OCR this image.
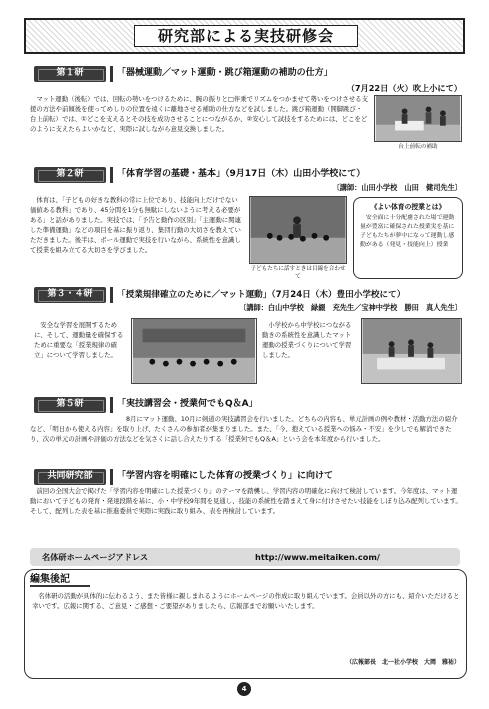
研究部による実技研修会
第１研	「器械運動／マット運動・跳び箱運動の補助の仕方」
（7月22日（火）吹上小にて）
マット運動（後転）では、回転の勢いをつけるために、腕の振りと□伴乗でリズムをつかませて勢いをつけさせる支援の方法や前傾後を使ってめしりの位置を遠くに離地させる補助の仕方などを試しました。跳び箱運動（開脚跳び・台上前転）では、①どこを支えるとその技を成功させることにつながるか、②安心して試技をするためには、どこをどのように支えたらよいかなど、実際に試しながら意見交換しました。
台上前転の補助
第２研	「体育学習の基礎・基本」（9月17日（木）山田小学校にて）
〔講師：山田小学校　山田　健司先生〕
体育は、「子どもの好きな教科の常に上位であり、技能向上だけでない価値ある教科」であり、45分間を1分も無駄にしないように考える必要がある」と話がありました。実技では、「予告と動作の区別」「主運動に関連した準備運動」などの項目を基に振り返り、集団行動の大切さを教えていただきました。後半は、ボール運動で実技を行いながら、系統性を意識して授業を組み立てる大切さを学びました。
子どもたちに話すときは目線を合わせて
《よい体育の授業とは》
安全面に十分配慮された場で運動量が豊富に確保された授業実を基に子どもたちが夢中になって運動し感動がある（発見・技能向上）授業
第３・４研	「授業規律確立のために／マット運動」（7月24日（木）豊田小学校にて）
〔講師：白山中学校　緑綴　充先生／宝神中学校　勝田　真人先生〕
安全な学習を展開するために、そして、運動量を確保するために重要な「授業規律の確立」について学習しました。
小学校から中学校につながる動きの系統性を意識したマット運動の授業づくりについて学習しました。
第５研	「実技講習会・授業何でもQ＆A」
8月にマット運動、10月に剣道の実技講習会を行いました。どちらの内容も、単元計画の例や教材・活動方法の紹介など、「明日から使える内容」を取り上げ、たくさんの参加者が集まりました。また、「今、抱えている授業への悩み・不安」を少しでも解消できたり、次の単元の計画や評価の方法などを気さくに話し合えたりする「授業何でもQ＆A」という会を本年度から行いました。
共同研究部	「学習内容を明確にした体育の授業づくり」に向けて
前回の全国大会で掲げた「学習内容を明確にした授業づくり」のテーマを踏襲し、学習内容の明確化に向けて検討しています。今年度は、マット運動において子どもの発育・発達段階を基に、小・中学校9年間を見通し、技能の系統性を踏まえて身に付けさせたい技能をしぼり込み配列しています。そして、配列した表を基に推進委員で実際に実践に取り組み、表を再検討しています。
名体研ホームページアドレス	http://www.meitaiken.com/
編集後記
名体研の活動が具体的に伝わるよう、また皆様に親しまれるようにホームページの作成に取り組んでいます。会員以外の方にも、紹介いただけると幸いです。広報に関する、ご意見・ご感想・ご要望がありましたら、広報部までお願いいたします。
（広報部長　北一社小学校　大岡　雅祐）
4
